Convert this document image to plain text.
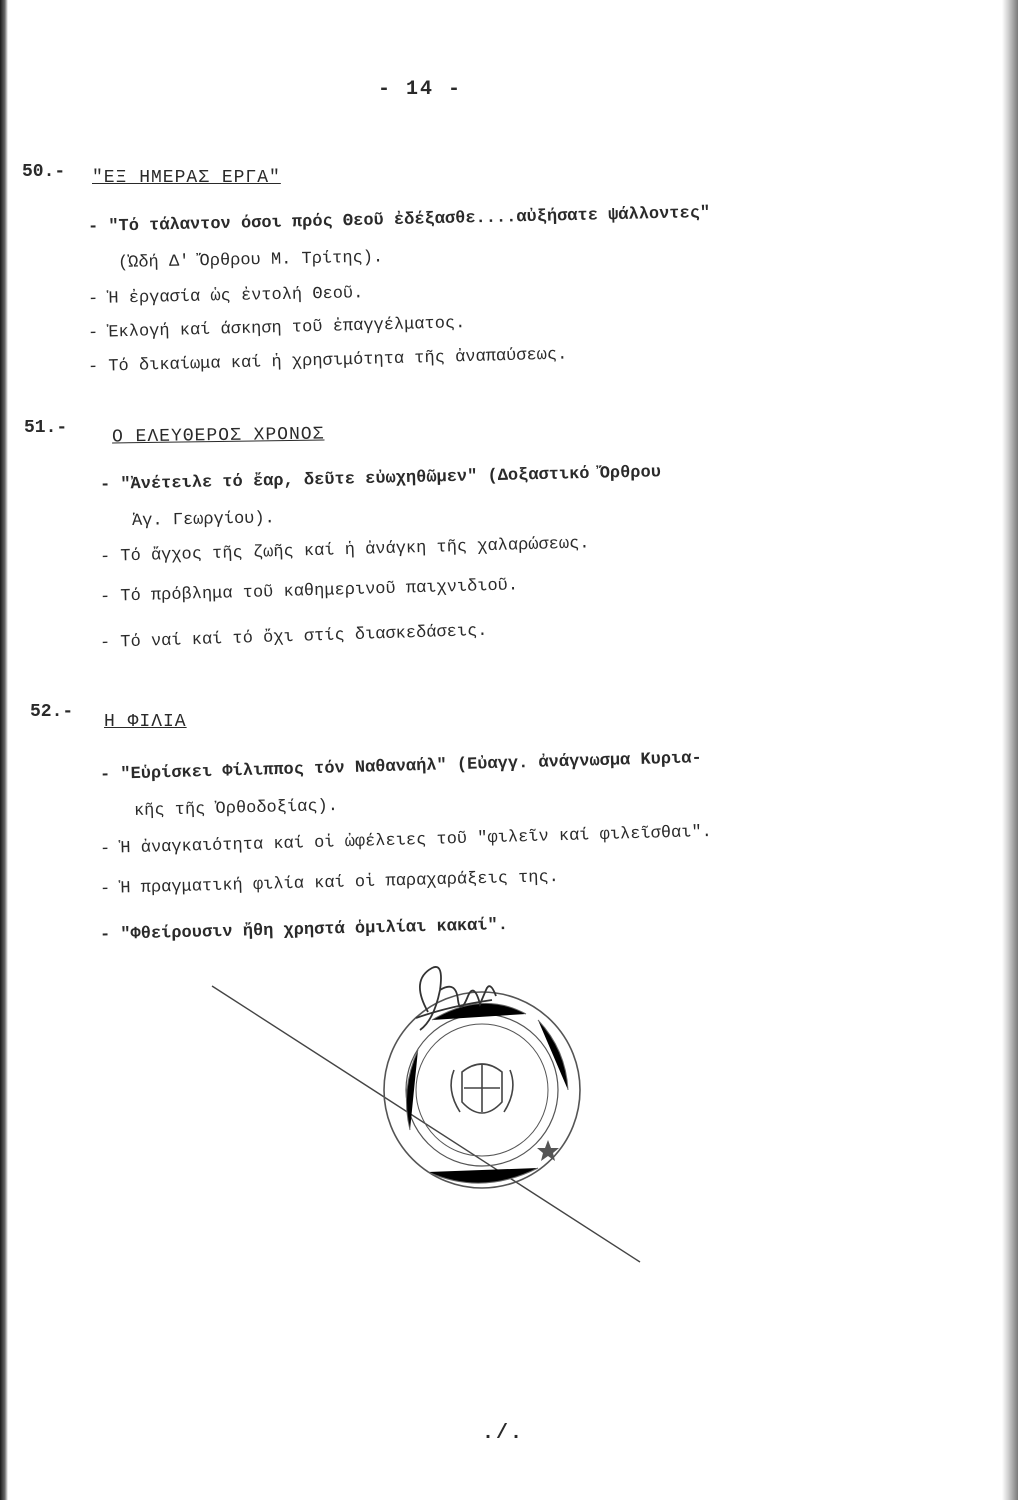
- 14 -
50.- "ΕΞ ΗΜΕΡΑΣ ΕΡΓΑ"
- "Τό τάλαντον όσοι πρός Θεοῦ ἐδέξασθε....αὐξήσατε ψάλλοντες"
(Ὠδή Δ' Ὄρθρου Μ. Τρίτης).
- Ἡ ἐργασία ὡς ἐντολή Θεοῦ.
- Ἐκλογή καί άσκηση τοῦ ἐπαγγέλματος.
- Τό δικαίωμα καί ἡ χρησιμότητα τῆς ἀναπαύσεως.
51.- Ο ΕΛΕΥΘΕΡΟΣ ΧΡΟΝΟΣ
- "Ἀνέτειλε τό ἔαρ, δεῦτε εὐωχηθῶμεν" (Δοξαστικό Ὄρθρου
Ἁγ. Γεωργίου).
- Τό ἄγχος τῆς ζωῆς καί ἡ ἀνάγκη τῆς χαλαρώσεως.
- Τό πρόβλημα τοῦ καθημερινοῦ παιχνιδιοῦ.
- Τό ναί καί τό ὄχι στίς διασκεδάσεις.
52.- Η ΦΙΛΙΑ
- "Εὑρίσκει Φίλιππος τόν Ναθαναήλ" (Εὐαγγ. ἀνάγνωσμα Κυρια-
κῆς τῆς Ὀρθοδοξίας).
- Ἡ ἀναγκαιότητα καί οἱ ὠφέλειες τοῦ "φιλεῖν καί φιλεῖσθαι".
- Ἡ πραγματική φιλία καί οἱ παραχαράξεις της.
- "Φθείρουσιν ἤθη χρηστά ὁμιλίαι κακαί".
./.
